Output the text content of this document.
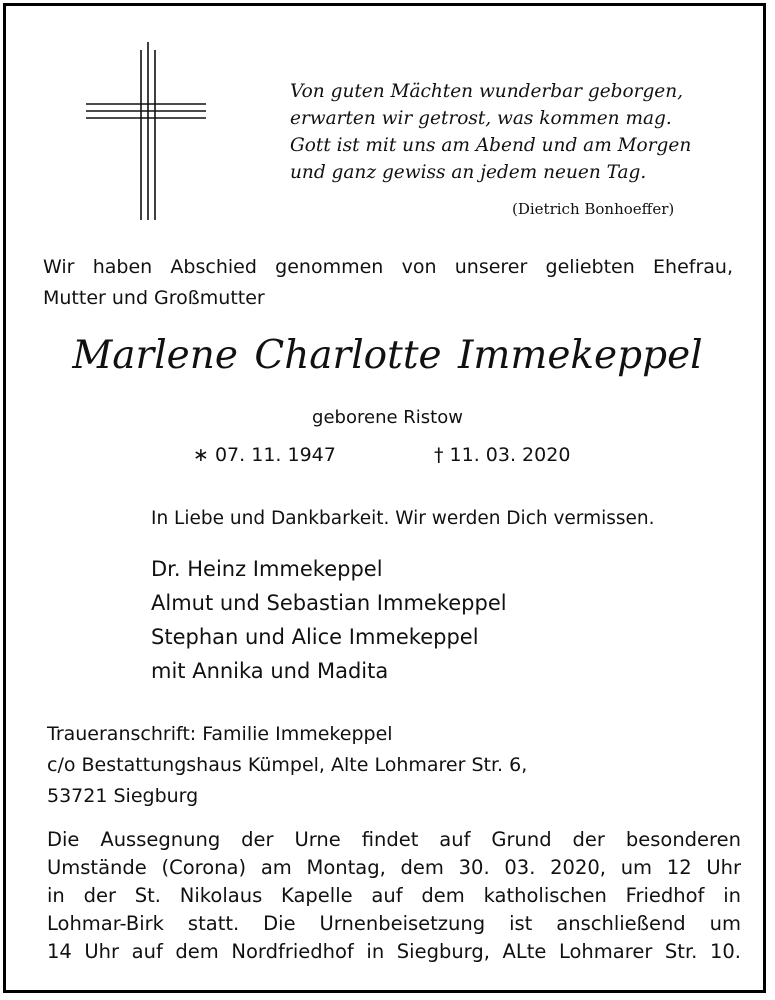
Von guten Mächten wunderbar geborgen,
erwarten wir getrost, was kommen mag.
Gott ist mit uns am Abend und am Morgen
und ganz gewiss an jedem neuen Tag.
(Dietrich Bonhoeffer)
Wir haben Abschied genommen von unserer geliebten Ehefrau,
Mutter und Großmutter
Marlene Charlotte Immekeppel
geborene Ristow
∗ 07. 11. 1947	† 11. 03. 2020
In Liebe und Dankbarkeit. Wir werden Dich vermissen.
Dr. Heinz Immekeppel
Almut und Sebastian Immekeppel
Stephan und Alice Immekeppel
mit Annika und Madita
Traueranschrift: Familie Immekeppel
c/o Bestattungshaus Kümpel, Alte Lohmarer Str. 6,
53721 Siegburg
Die Aussegnung der Urne findet auf Grund der besonderen
Umstände (Corona) am Montag, dem 30. 03. 2020, um 12 Uhr
in der St. Nikolaus Kapelle auf dem katholischen Friedhof in
Lohmar-Birk statt. Die Urnenbeisetzung ist anschließend um
14 Uhr auf dem Nordfriedhof in Siegburg, ALte Lohmarer Str. 10.
